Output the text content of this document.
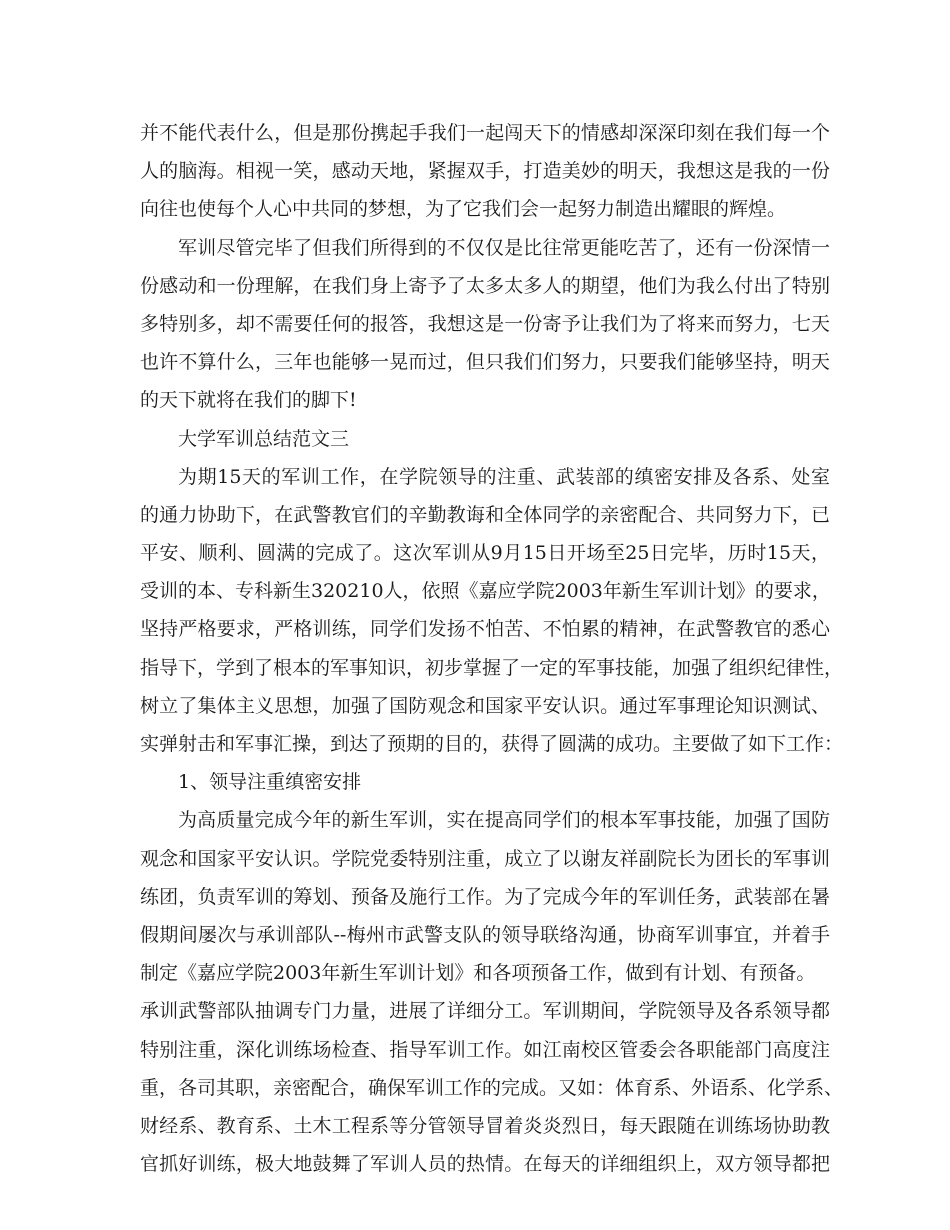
并不能代表什么，但是那份携起手我们一起闯天下的情感却深深印刻在我们每一个
人的脑海。相视一笑，感动天地，紧握双手，打造美妙的明天，我想这是我的一份
向往也使每个人心中共同的梦想，为了它我们会一起努力制造出耀眼的辉煌。
军训尽管完毕了但我们所得到的不仅仅是比往常更能吃苦了，还有一份深情一
份感动和一份理解，在我们身上寄予了太多太多人的期望，他们为我么付出了特别
多特别多，却不需要任何的报答，我想这是一份寄予让我们为了将来而努力，七天
也许不算什么，三年也能够一晃而过，但只我们们努力，只要我们能够坚持，明天
的天下就将在我们的脚下!
大学军训总结范文三
为期15天的军训工作，在学院领导的注重、武装部的缜密安排及各系、处室
的通力协助下，在武警教官们的辛勤教诲和全体同学的亲密配合、共同努力下，已
平安、顺利、圆满的完成了。这次军训从9月15日开场至25日完毕，历时15天，
受训的本、专科新生320210人，依照《嘉应学院2003年新生军训计划》的要求，
坚持严格要求，严格训练，同学们发扬不怕苦、不怕累的精神，在武警教官的悉心
指导下，学到了根本的军事知识，初步掌握了一定的军事技能，加强了组织纪律性，
树立了集体主义思想，加强了国防观念和国家平安认识。通过军事理论知识测试、
实弹射击和军事汇操，到达了预期的目的，获得了圆满的成功。主要做了如下工作：
1、领导注重缜密安排
为高质量完成今年的新生军训，实在提高同学们的根本军事技能，加强了国防
观念和国家平安认识。学院党委特别注重，成立了以谢友祥副院长为团长的军事训
练团，负责军训的筹划、预备及施行工作。为了完成今年的军训任务，武装部在暑
假期间屡次与承训部队--梅州市武警支队的领导联络沟通，协商军训事宜，并着手
制定《嘉应学院2003年新生军训计划》和各项预备工作，做到有计划、有预备。
承训武警部队抽调专门力量，进展了详细分工。军训期间，学院领导及各系领导都
特别注重，深化训练场检查、指导军训工作。如江南校区管委会各职能部门高度注
重，各司其职，亲密配合，确保军训工作的完成。又如：体育系、外语系、化学系、
财经系、教育系、土木工程系等分管领导冒着炎炎烈日，每天跟随在训练场协助教
官抓好训练，极大地鼓舞了军训人员的热情。在每天的详细组织上，双方领导都把
